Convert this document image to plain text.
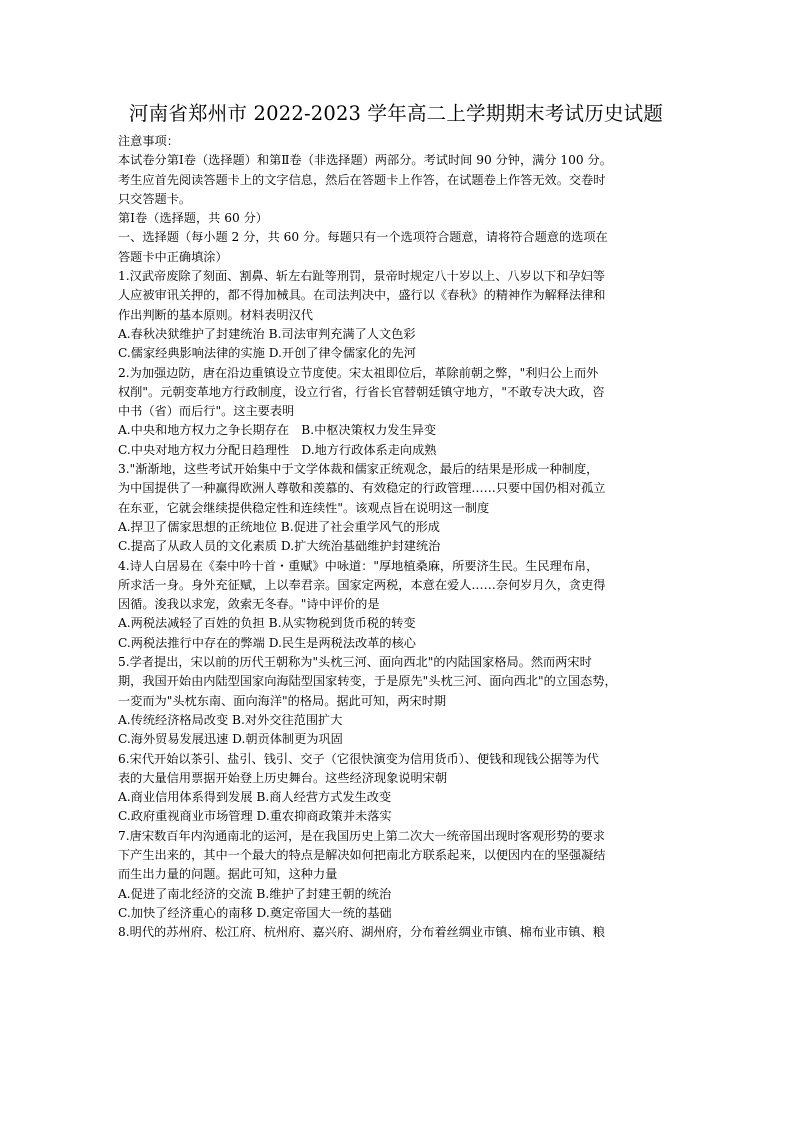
河南省郑州市 2022-2023 学年高二上学期期末考试历史试题
注意事项：
本试卷分第Ⅰ卷（选择题）和第Ⅱ卷（非选择题）两部分。考试时间 90 分钟，满分 100 分。
考生应首先阅读答题卡上的文字信息，然后在答题卡上作答，在试题卷上作答无效。交卷时
只交答题卡。
第Ⅰ卷（选择题，共 60 分）
一、选择题（每小题 2 分，共 60 分。每题只有一个选项符合题意，请将符合题意的选项在
答题卡中正确填涂）
1.汉武帝废除了刻面、割鼻、斩左右趾等刑罚，景帝时规定八十岁以上、八岁以下和孕妇等
人应被审讯关押的，都不得加械具。在司法判决中，盛行以《春秋》的精神作为解释法律和
作出判断的基本原则。材料表明汉代
A.春秋决狱维护了封建统治 B.司法审判充满了人文色彩
C.儒家经典影响法律的实施 D.开创了律令儒家化的先河
2.为加强边防，唐在沿边重镇设立节度使。宋太祖即位后，革除前朝之弊，"利归公上而外
权削"。元朝变革地方行政制度，设立行省，行省长官替朝廷镇守地方，"不敢专决大政，咨
中书（省）而后行"。这主要表明
A.中央和地方权力之争长期存在　B.中枢决策权力发生异变
C.中央对地方权力分配日趋理性　D.地方行政体系走向成熟
3."渐渐地，这些考试开始集中于文学体裁和儒家正统观念，最后的结果是形成一种制度，
为中国提供了一种赢得欧洲人尊敬和羡慕的、有效稳定的行政管理……只要中国仍相对孤立
在东亚，它就会继续提供稳定性和连续性"。该观点旨在说明这一制度
A.捍卫了儒家思想的正统地位 B.促进了社会重学风气的形成
C.提高了从政人员的文化素质 D.扩大统治基础维护封建统治
4.诗人白居易在《秦中吟十首・重赋》中咏道："厚地植桑麻，所要济生民。生民理布帛，
所求活一身。身外充征赋，上以奉君亲。国家定两税，本意在爱人……奈何岁月久，贪吏得
因循。浚我以求宠，敛索无冬春。"诗中评价的是
A.两税法减轻了百姓的负担 B.从实物税到货币税的转变
C.两税法推行中存在的弊端 D.民生是两税法改革的核心
5.学者提出，宋以前的历代王朝称为"头枕三河、面向西北"的内陆国家格局。然而两宋时
期，我国开始由内陆型国家向海陆型国家转变，于是原先"头枕三河、面向西北"的立国态势，
一変而为"头枕东南、面向海洋"的格局。据此可知，两宋时期
A.传统经济格局改变 B.对外交往范围扩大
C.海外贸易发展迅速 D.朝贡体制更为巩固
6.宋代开始以茶引、盐引、钱引、交子（它很快演变为信用货币）、便钱和现钱公据等为代
表的大量信用票据开始登上历史舞台。这些经济现象说明宋朝
A.商业信用体系得到发展 B.商人经营方式发生改变
C.政府重视商业市场管理 D.重农抑商政策并未落实
7.唐宋数百年内沟通南北的运河，是在我国历史上第二次大一统帝国出现时客观形势的要求
下产生出来的，其中一个最大的特点是解决如何把南北方联系起来，以便因内在的坚强凝结
而生出力量的问题。据此可知，这种力量
A.促进了南北经济的交流 B.维护了封建王朝的统治
C.加快了经济重心的南移 D.奠定帝国大一统的基础
8.明代的苏州府、松江府、杭州府、嘉兴府、湖州府，分布着丝绸业市镇、棉布业市镇、粮
